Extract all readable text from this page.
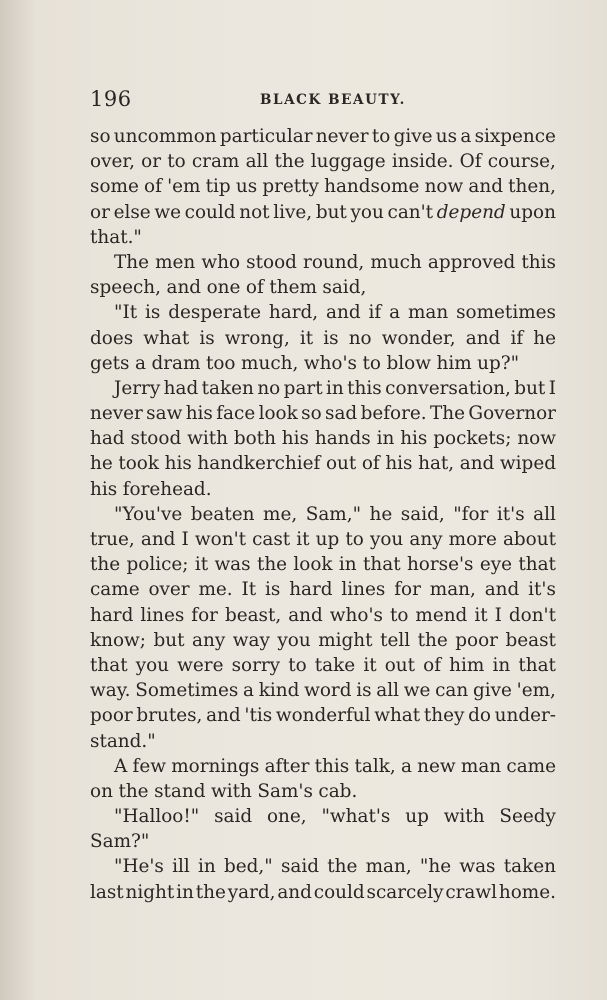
196	BLACK BEAUTY.
so uncommon particular never to give us a sixpence
over, or to cram all the luggage inside. Of course,
some of 'em tip us pretty handsome now and then,
or else we could not live, but you can't depend upon
that."
The men who stood round, much approved this
speech, and one of them said,
"It is desperate hard, and if a man sometimes
does what is wrong, it is no wonder, and if he
gets a dram too much, who's to blow him up?"
Jerry had taken no part in this conversation, but I
never saw his face look so sad before. The Governor
had stood with both his hands in his pockets; now
he took his handkerchief out of his hat, and wiped
his forehead.
"You've beaten me, Sam," he said, "for it's all
true, and I won't cast it up to you any more about
the police; it was the look in that horse's eye that
came over me. It is hard lines for man, and it's
hard lines for beast, and who's to mend it I don't
know; but any way you might tell the poor beast
that you were sorry to take it out of him in that
way. Sometimes a kind word is all we can give 'em,
poor brutes, and 'tis wonderful what they do under-
stand."
A few mornings after this talk, a new man came
on the stand with Sam's cab.
"Halloo!" said one, "what's up with Seedy
Sam?"
"He's ill in bed," said the man, "he was taken
last night in the yard, and could scarcely crawl home.
